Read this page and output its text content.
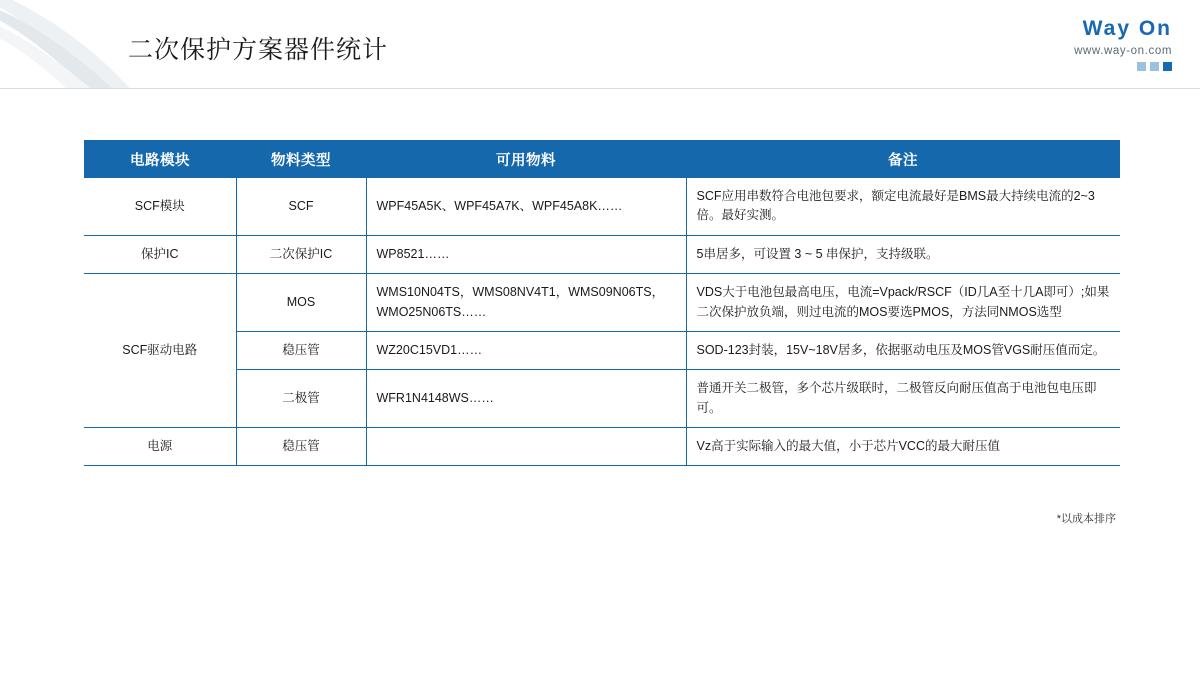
二次保护方案器件统计
Way On
www.way-on.com
电路模块	物料类型	可用物料	备注
SCF模块	SCF	WPF45A5K、WPF45A7K、WPF45A8K……	SCF应用串数符合电池包要求，额定电流最好是BMS最大持续电流的2~3倍。最好实测。
保护IC	二次保护IC	WP8521……	5串居多，可设置 3 ~ 5 串保护，支持级联。
SCF驱动电路	MOS	WMS10N04TS，WMS08NV4T1，WMS09N06TS，WMO25N06TS……	VDS大于电池包最高电压，电流=Vpack/RSCF（ID几A至十几A即可）;如果二次保护放负端，则过电流的MOS要选PMOS，方法同NMOS选型
	稳压管	WZ20C15VD1……	SOD-123封装，15V~18V居多，依据驱动电压及MOS管VGS耐压值而定。
	二极管	WFR1N4148WS……	普通开关二极管，多个芯片级联时，二极管反向耐压值高于电池包电压即可。
电源	稳压管		Vz高于实际输入的最大值，小于芯片VCC的最大耐压值
*以成本排序
